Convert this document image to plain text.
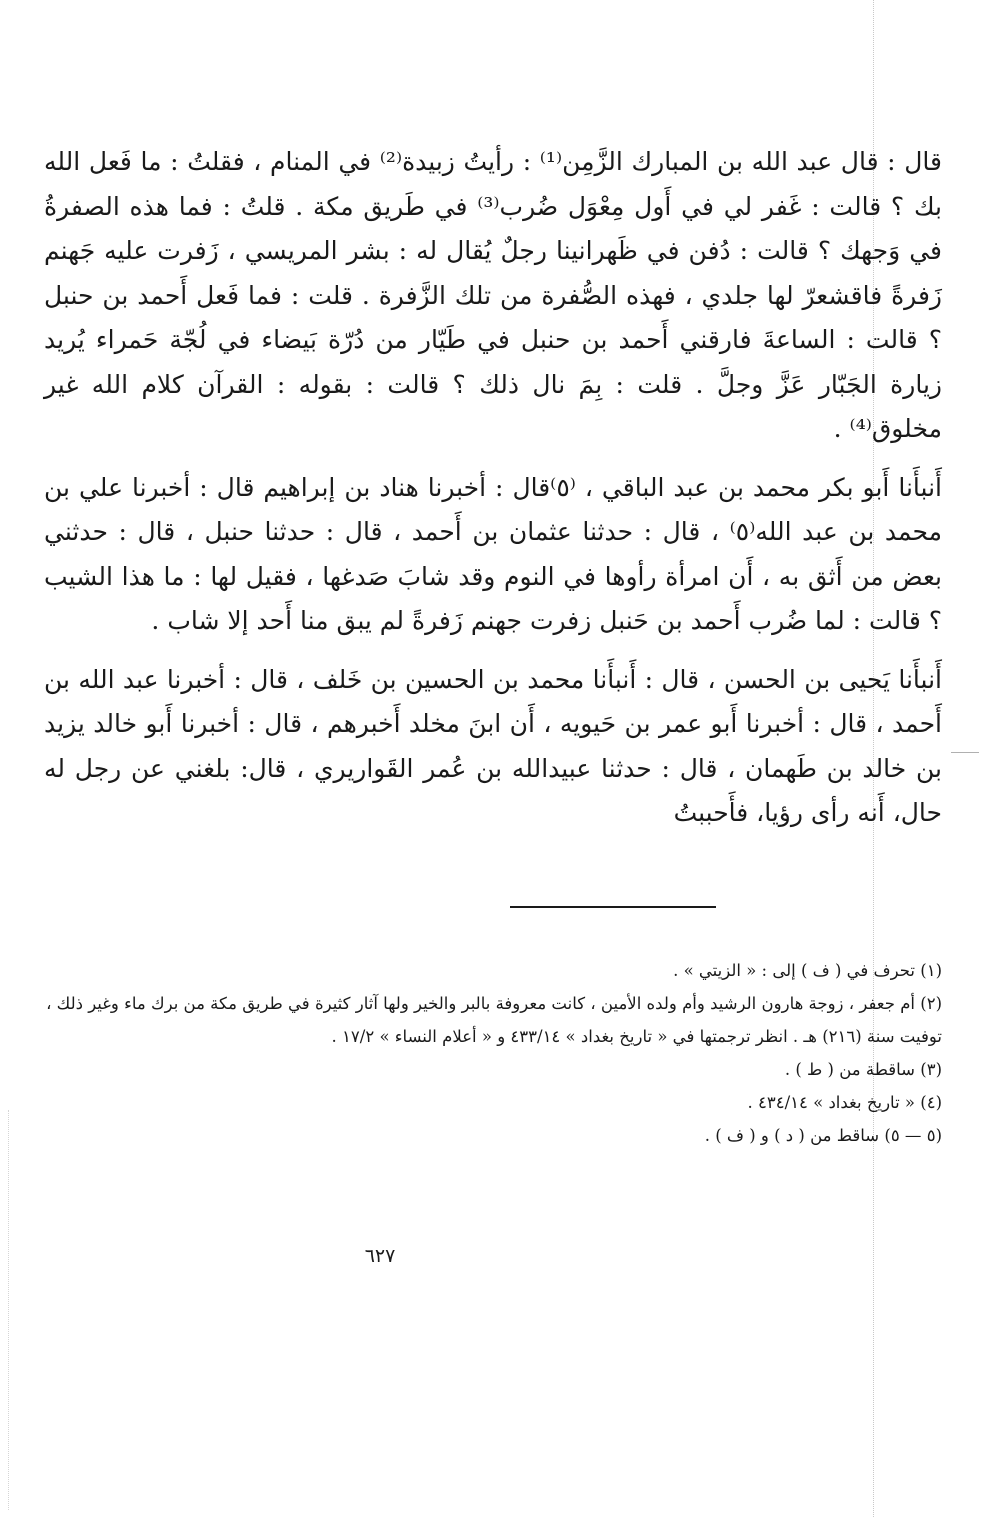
قال : قال عبد الله بن المبارك الزَّمِن⁽¹⁾ : رأيتُ زبيدة⁽²⁾ في المنام ، فقلتُ : ما فَعل الله بك ؟ قالت : غَفر لي في أَول مِعْوَل ضُرب⁽³⁾ في طَريق مكة . قلتُ : فما هذه الصفرةُ في وَجهك ؟ قالت : دُفن في ظَهرانينا رجلٌ يُقال له : بشر المريسي ، زَفرت عليه جَهنم زَفرةً فاقشعرّ لها جلدي ، فهذه الصُّفرة من تلك الزَّفرة . قلت : فما فَعل أَحمد بن حنبل ؟ قالت : الساعةَ فارقني أَحمد بن حنبل في طَيّار من دُرّة بَيضاء في لُجّة حَمراء يُريد زيارة الجَبّار عَزَّ وجلَّ . قلت : بِمَ نال ذلك ؟ قالت : بقوله : القرآن كلام الله غير مخلوق⁽⁴⁾ .

أَنبأَنا أَبو بكر محمد بن عبد الباقي ، ⁽٥⁾قال : أخبرنا هناد بن إبراهيم قال : أخبرنا علي بن محمد بن عبد الله⁽٥⁾ ، قال : حدثنا عثمان بن أَحمد ، قال : حدثنا حنبل ، قال : حدثني بعض من أَثق به ، أَن امرأة رأوها في النوم وقد شابَ صَدغها ، فقيل لها : ما هذا الشيب ؟ قالت : لما ضُرب أَحمد بن حَنبل زفرت جهنم زَفرةً لم يبق منا أَحد إلا شاب .

أَنبأَنا يَحيى بن الحسن ، قال : أَنبأَنا محمد بن الحسين بن خَلف ، قال : أخبرنا عبد الله بن أَحمد ، قال : أخبرنا أَبو عمر بن حَيويه ، أَن ابنَ مخلد أَخبرهم ، قال : أخبرنا أَبو خالد يزيد بن خالد بن طَهمان ، قال : حدثنا عبيدالله بن عُمر القَواريري ، قال: بلغني عن رجل له حال، أَنه رأى رؤيا، فأَحببتُ

(١) تحرف في ( ف ) إلى : « الزيتي » .

(٢) أم جعفر ، زوجة هارون الرشيد وأم ولده الأمين ، كانت معروفة بالبر والخير ولها آثار كثيرة في طريق مكة من برك ماء وغير ذلك ، توفيت سنة (٢١٦) هـ . انظر ترجمتها في « تاريخ بغداد » ٤٣٣/١٤ و « أعلام النساء » ١٧/٢ .

(٣) ساقطة من ( ط ) .

(٤) « تاريخ بغداد » ٤٣٤/١٤ .

(٥ — ٥) ساقط من ( د ) و ( ف ) .

٦٢٧
